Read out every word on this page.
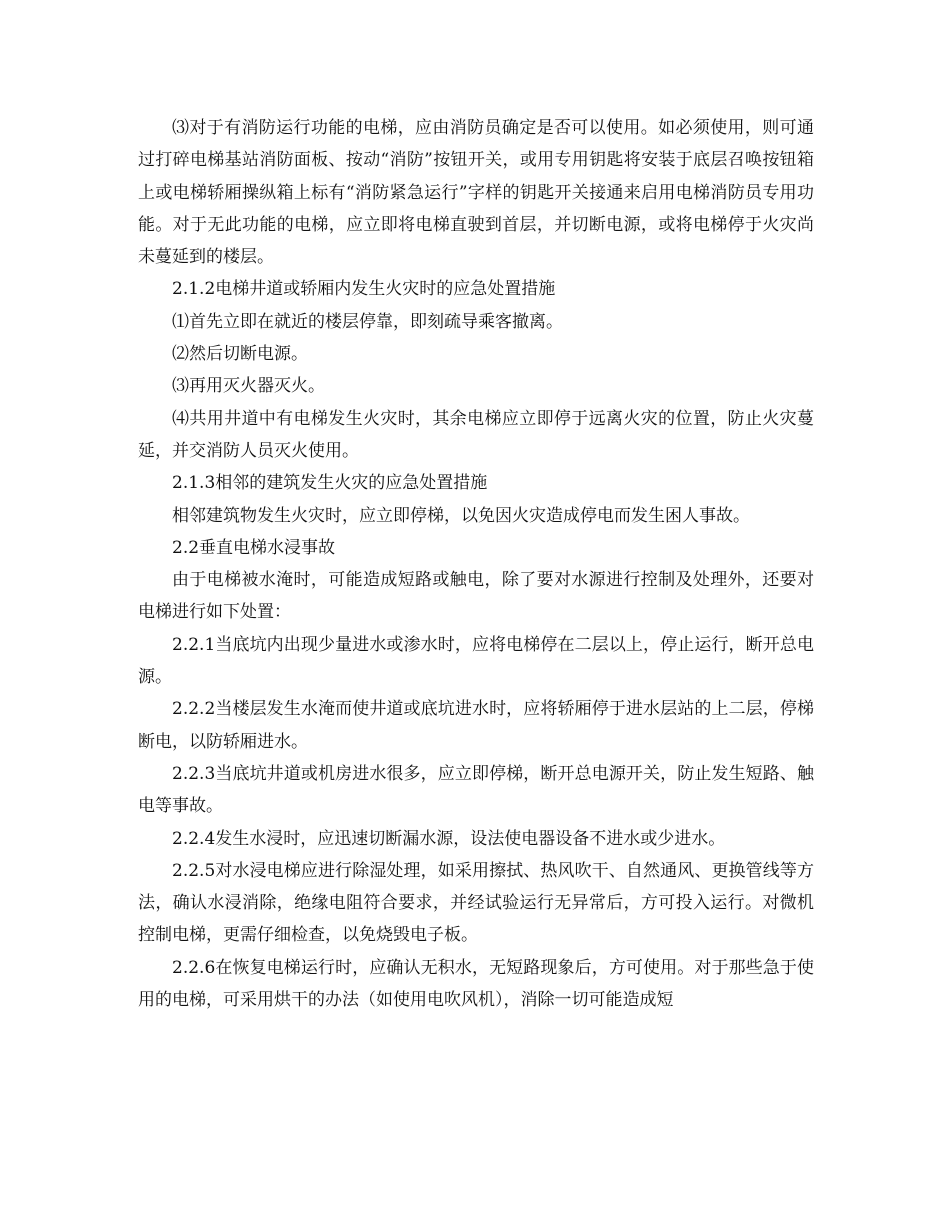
⑶对于有消防运行功能的电梯，应由消防员确定是否可以使用。如必须使用，则可通过打碎电梯基站消防面板、按动“消防”按钮开关，或用专用钥匙将安装于底层召唤按钮箱上或电梯轿厢操纵箱上标有“消防紧急运行”字样的钥匙开关接通来启用电梯消防员专用功能。对于无此功能的电梯，应立即将电梯直驶到首层，并切断电源，或将电梯停于火灾尚未蔓延到的楼层。

2.1.2电梯井道或轿厢内发生火灾时的应急处置措施

⑴首先立即在就近的楼层停靠，即刻疏导乘客撤离。

⑵然后切断电源。

⑶再用灭火器灭火。

⑷共用井道中有电梯发生火灾时，其余电梯应立即停于远离火灾的位置，防止火灾蔓延，并交消防人员灭火使用。

2.1.3相邻的建筑发生火灾的应急处置措施

相邻建筑物发生火灾时，应立即停梯，以免因火灾造成停电而发生困人事故。

2.2垂直电梯水浸事故

由于电梯被水淹时，可能造成短路或触电，除了要对水源进行控制及处理外，还要对电梯进行如下处置：

2.2.1当底坑内出现少量进水或渗水时，应将电梯停在二层以上，停止运行，断开总电源。

2.2.2当楼层发生水淹而使井道或底坑进水时，应将轿厢停于进水层站的上二层，停梯断电，以防轿厢进水。

2.2.3当底坑井道或机房进水很多，应立即停梯，断开总电源开关，防止发生短路、触电等事故。

2.2.4发生水浸时，应迅速切断漏水源，设法使电器设备不进水或少进水。

2.2.5对水浸电梯应进行除湿处理，如采用擦拭、热风吹干、自然通风、更换管线等方法，确认水浸消除，绝缘电阻符合要求，并经试验运行无异常后，方可投入运行。对微机控制电梯，更需仔细检查，以免烧毁电子板。

2.2.6在恢复电梯运行时，应确认无积水，无短路现象后，方可使用。对于那些急于使用的电梯，可采用烘干的办法（如使用电吹风机），消除一切可能造成短
